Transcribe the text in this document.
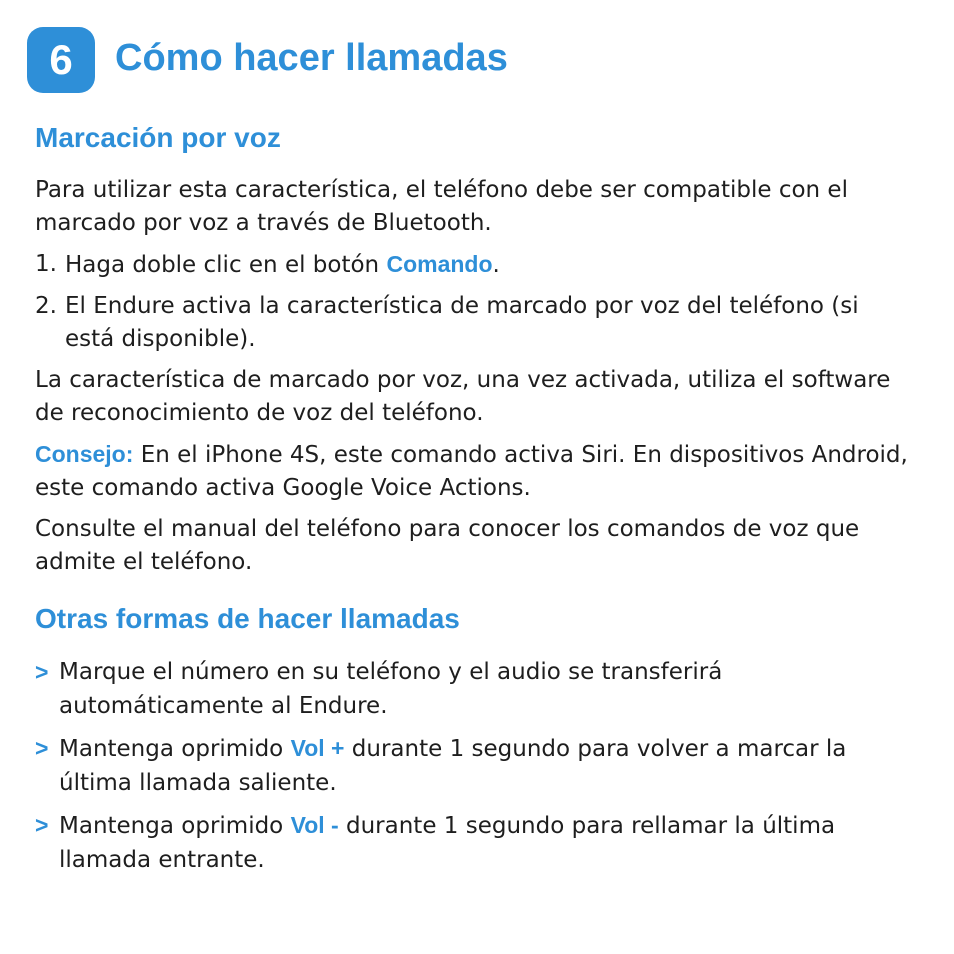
6	Cómo hacer llamadas
Marcación por voz

Para utilizar esta característica, el teléfono debe ser compatible con el marcado por voz a través de Bluetooth.

1. Haga doble clic en el botón Comando.
2. El Endure activa la característica de marcado por voz del teléfono (si está disponible).

La característica de marcado por voz, una vez activada, utiliza el software de reconocimiento de voz del teléfono.

Consejo: En el iPhone 4S, este comando activa Siri. En dispositivos Android, este comando activa Google Voice Actions.

Consulte el manual del teléfono para conocer los comandos de voz que admite el teléfono.

Otras formas de hacer llamadas
> Marque el número en su teléfono y el audio se transferirá automáticamente al Endure.
> Mantenga oprimido Vol + durante 1 segundo para volver a marcar la última llamada saliente.
> Mantenga oprimido Vol - durante 1 segundo para rellamar la última llamada entrante.
